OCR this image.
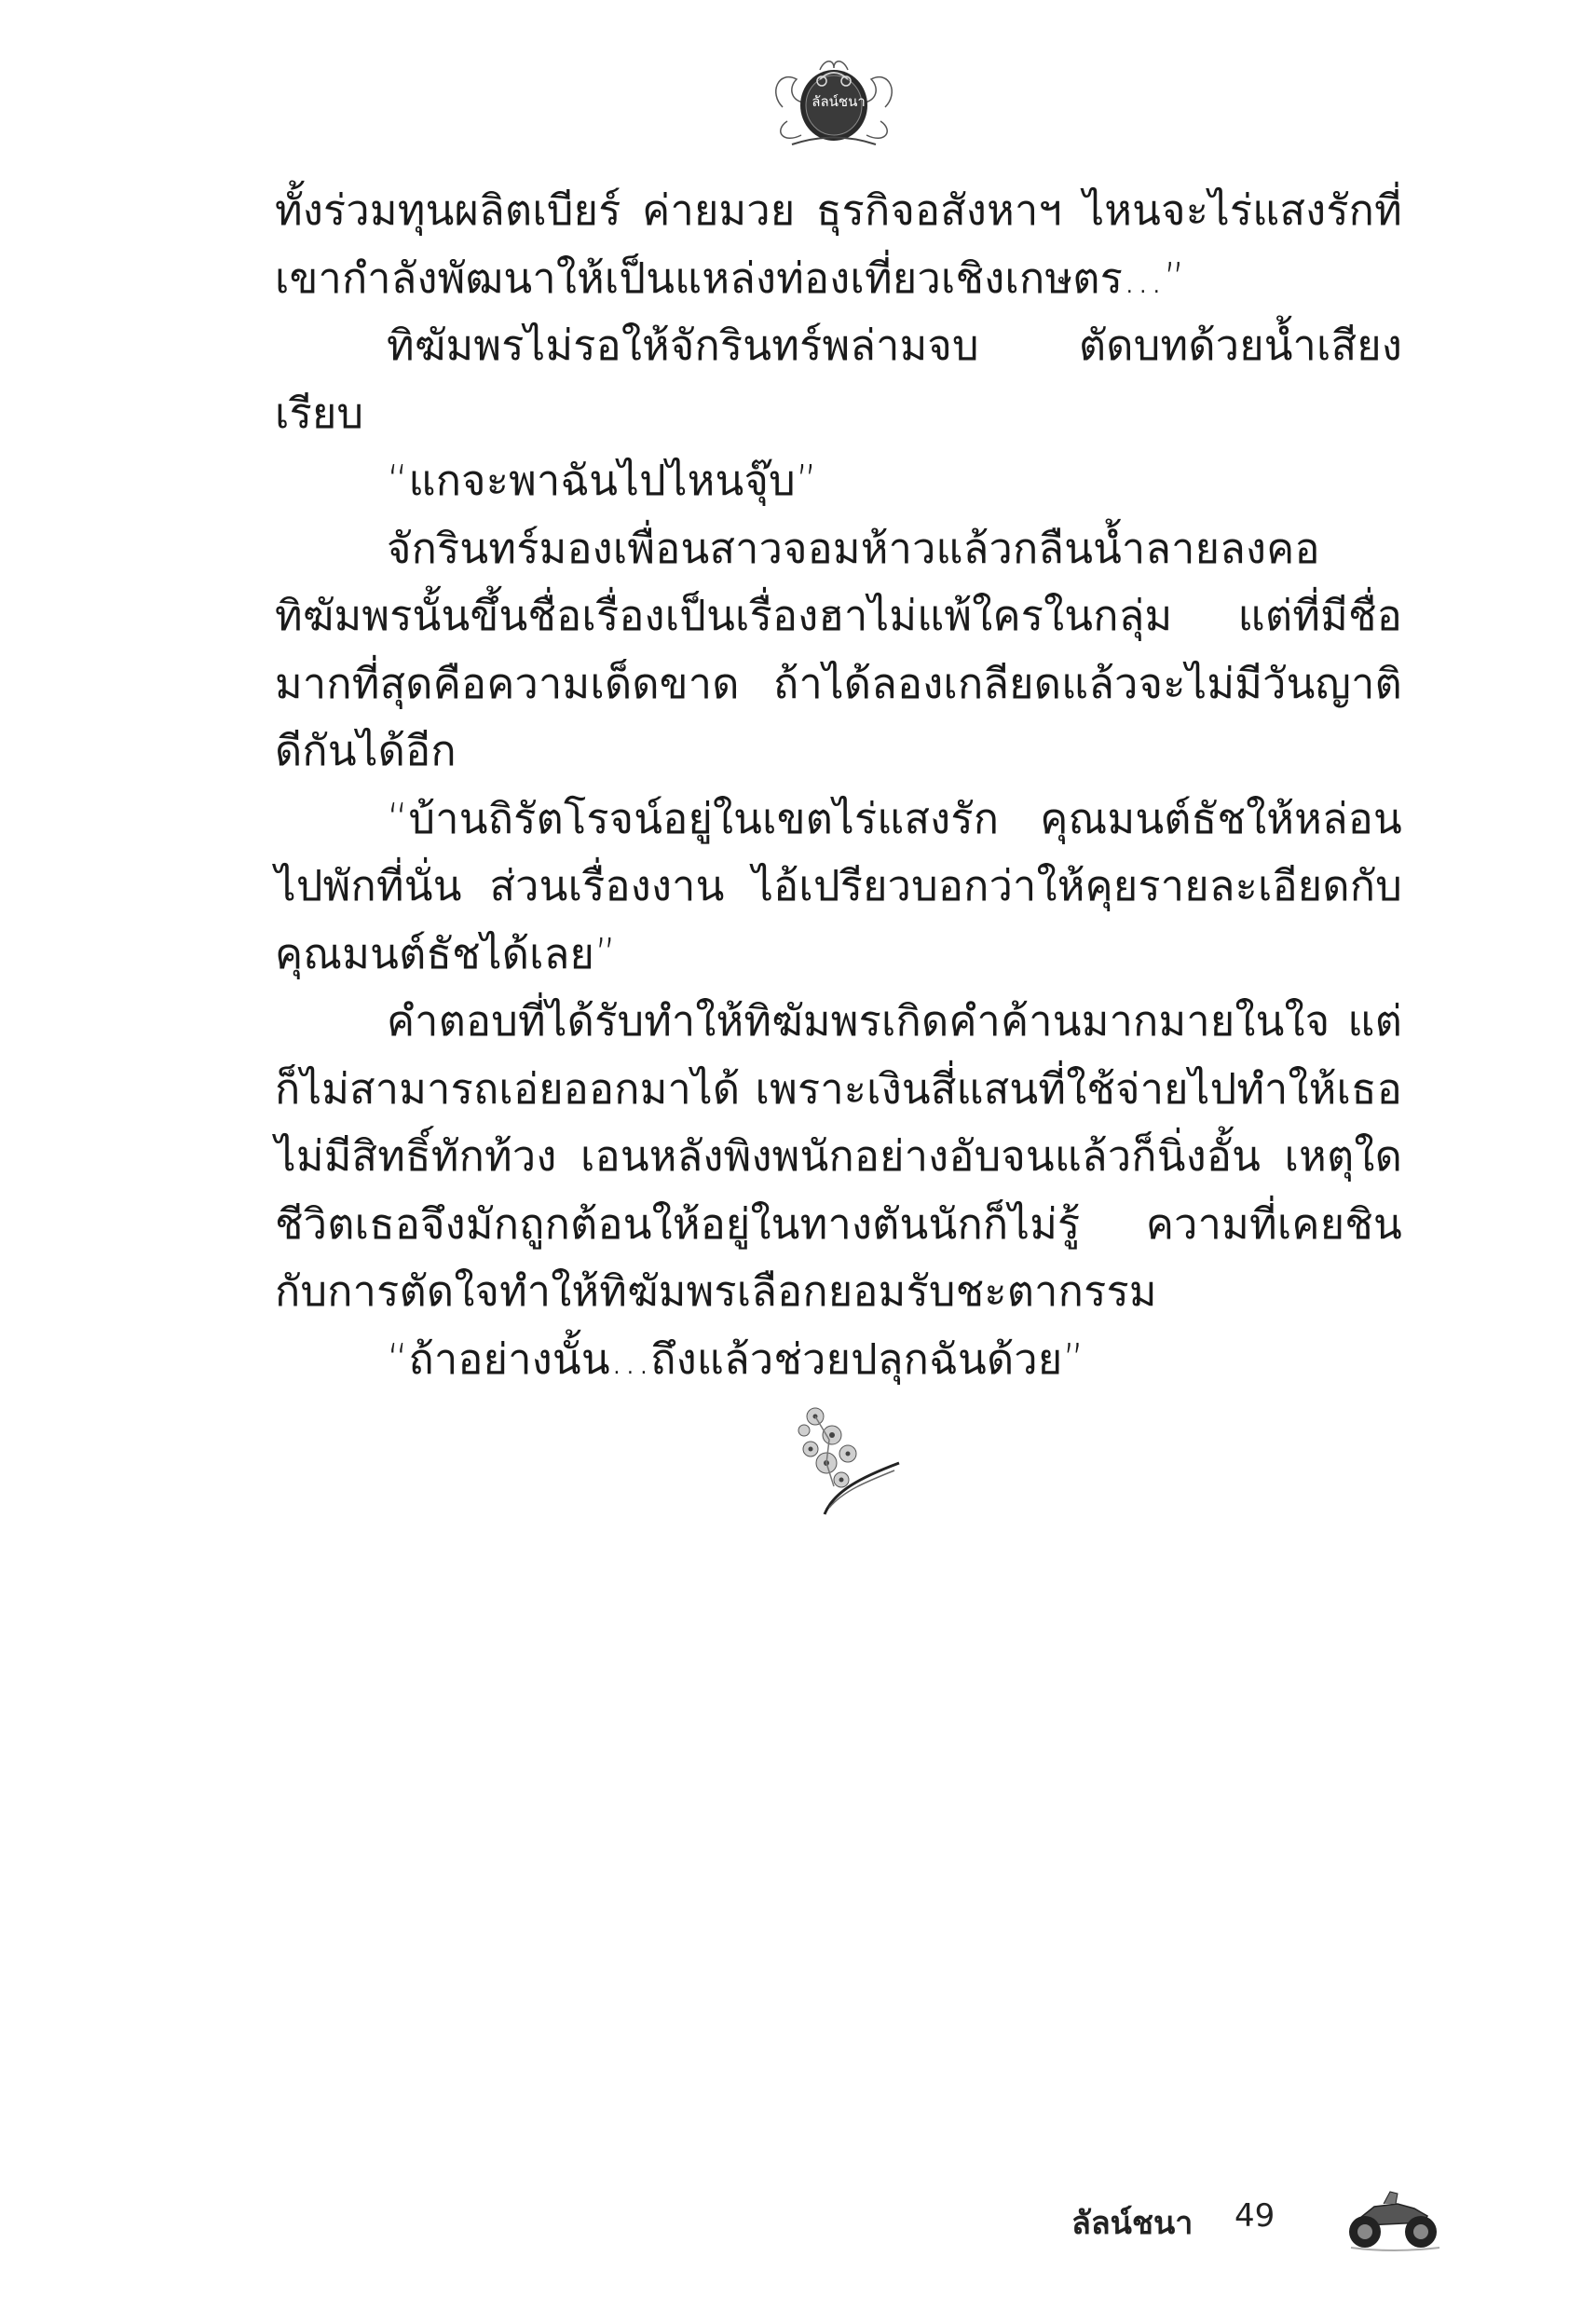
ลัลน์ชนา

ทั้งร่วมทุนผลิตเบียร์ ค่ายมวย ธุรกิจอสังหาฯ ไหนจะไร่แสงรักที่เขากำลังพัฒนาให้เป็นแหล่งท่องเที่ยวเชิงเกษตร...”

ทิฆัมพรไม่รอให้จักรินทร์พล่ามจบ ตัดบทด้วยน้ำเสียงเรียบ

“แกจะพาฉันไปไหนจุ๊บ”

จักรินทร์มองเพื่อนสาวจอมห้าวแล้วกลืนน้ำลายลงคอ ทิฆัมพรนั้นขึ้นชื่อเรื่องเป็นเรื่องฮาไม่แพ้ใครในกลุ่ม แต่ที่มีชื่อมากที่สุดคือความเด็ดขาด ถ้าได้ลองเกลียดแล้วจะไม่มีวันญาติดีกันได้อีก

“บ้านถิรัตโรจน์อยู่ในเขตไร่แสงรัก คุณมนต์ธัชให้หล่อนไปพักที่นั่น ส่วนเรื่องงาน ไอ้เปรียวบอกว่าให้คุยรายละเอียดกับคุณมนต์ธัชได้เลย”

คำตอบที่ได้รับทำให้ทิฆัมพรเกิดคำค้านมากมายในใจ แต่ก็ไม่สามารถเอ่ยออกมาได้ เพราะเงินสี่แสนที่ใช้จ่ายไปทำให้เธอไม่มีสิทธิ์ทักท้วง เอนหลังพิงพนักอย่างอับจนแล้วก็นิ่งอั้น เหตุใดชีวิตเธอจึงมักถูกต้อนให้อยู่ในทางตันนักก็ไม่รู้ ความที่เคยชินกับการตัดใจทำให้ทิฆัมพรเลือกยอมรับชะตากรรม

“ถ้าอย่างนั้น...ถึงแล้วช่วยปลุกฉันด้วย”

ลัลน์ชนา 49
